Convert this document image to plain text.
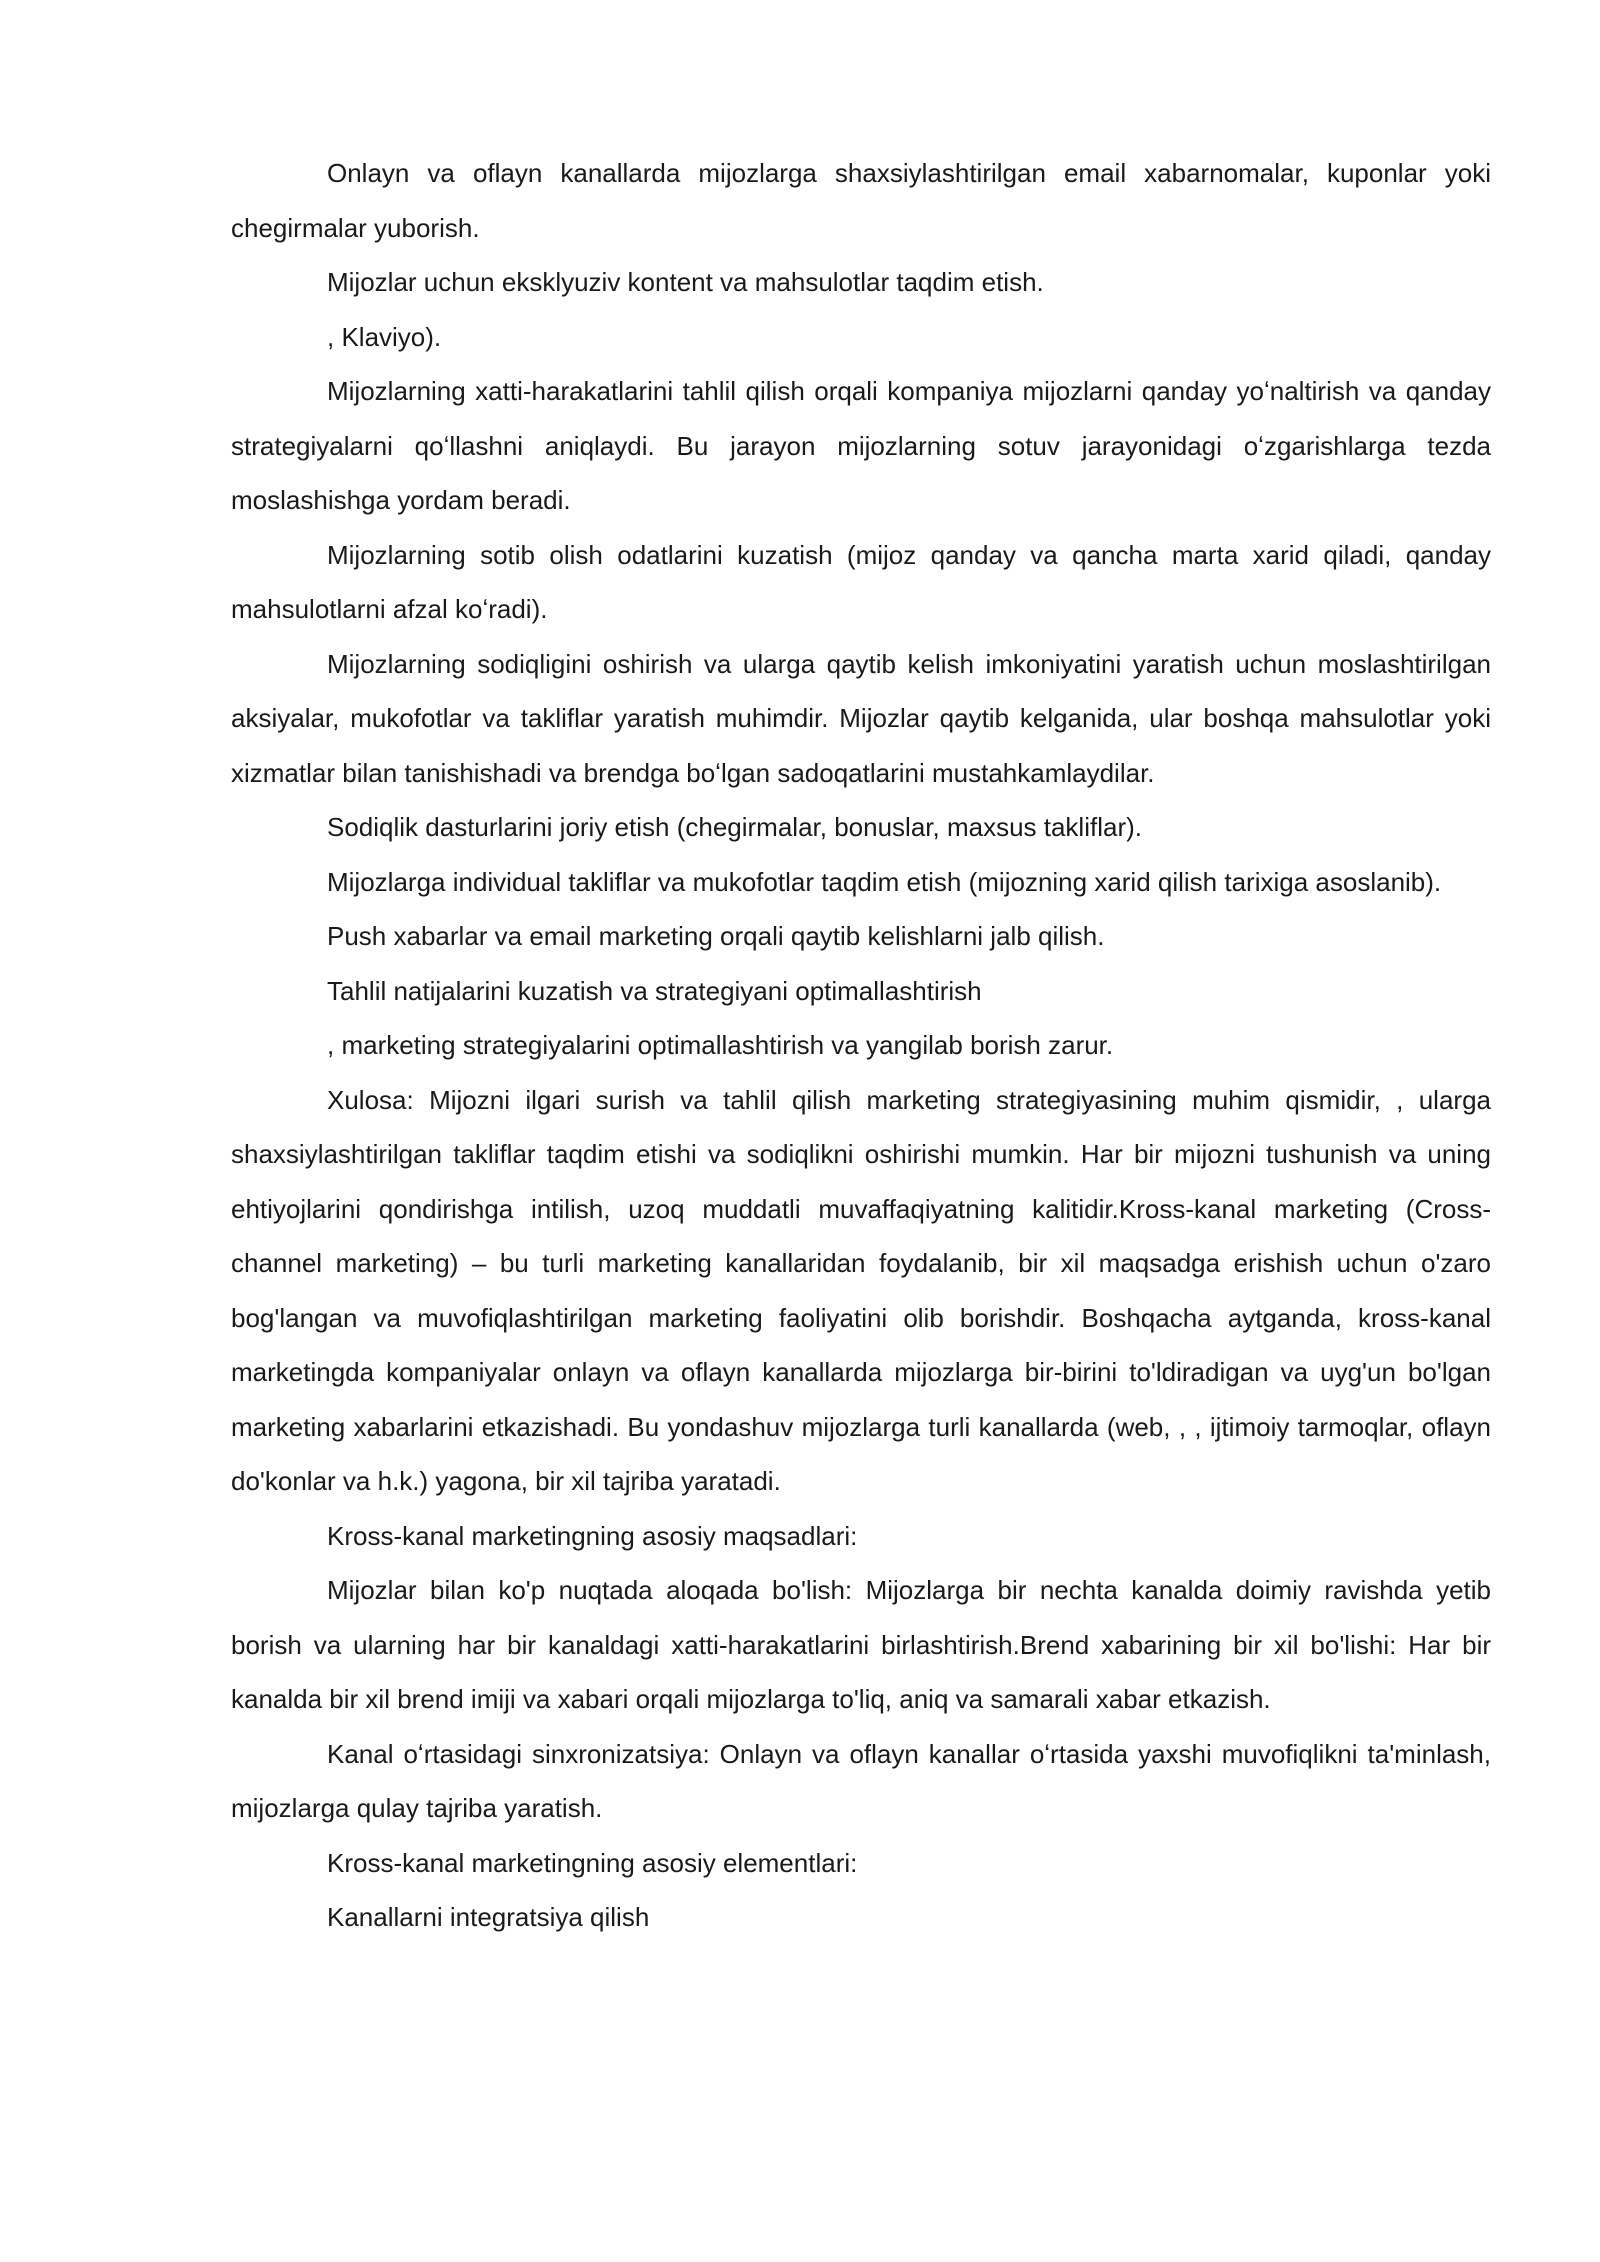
Onlayn va oflayn kanallarda mijozlarga shaxsiylashtirilgan email xabarnomalar, kuponlar yoki chegirmalar yuborish.

Mijozlar uchun eksklyuziv kontent va mahsulotlar taqdim etish.

, Klaviyo).

Mijozlarning xatti-harakatlarini tahlil qilish orqali kompaniya mijozlarni qanday yoʻnaltirish va qanday strategiyalarni qoʻllashni aniqlaydi. Bu jarayon mijozlarning sotuv jarayonidagi oʻzgarishlarga tezda moslashishga yordam beradi.

Mijozlarning sotib olish odatlarini kuzatish (mijoz qanday va qancha marta xarid qiladi, qanday mahsulotlarni afzal koʻradi).

Mijozlarning sodiqligini oshirish va ularga qaytib kelish imkoniyatini yaratish uchun moslashtirilgan aksiyalar, mukofotlar va takliflar yaratish muhimdir. Mijozlar qaytib kelganida, ular boshqa mahsulotlar yoki xizmatlar bilan tanishishadi va brendga boʻlgan sadoqatlarini mustahkamlaydilar.

Sodiqlik dasturlarini joriy etish (chegirmalar, bonuslar, maxsus takliflar).

Mijozlarga individual takliflar va mukofotlar taqdim etish (mijozning xarid qilish tarixiga asoslanib).

Push xabarlar va email marketing orqali qaytib kelishlarni jalb qilish.

Tahlil natijalarini kuzatish va strategiyani optimallashtirish

, marketing strategiyalarini optimallashtirish va yangilab borish zarur.

Xulosa: Mijozni ilgari surish va tahlil qilish marketing strategiyasining muhim qismidir, , ularga shaxsiylashtirilgan takliflar taqdim etishi va sodiqlikni oshirishi mumkin. Har bir mijozni tushunish va uning ehtiyojlarini qondirishga intilish, uzoq muddatli muvaffaqiyatning kalitidir.Kross-kanal marketing (Cross-channel marketing) – bu turli marketing kanallaridan foydalanib, bir xil maqsadga erishish uchun o'zaro bog'langan va muvofiqlashtirilgan marketing faoliyatini olib borishdir. Boshqacha aytganda, kross-kanal marketingda kompaniyalar onlayn va oflayn kanallarda mijozlarga bir-birini to'ldiradigan va uyg'un bo'lgan marketing xabarlarini etkazishadi. Bu yondashuv mijozlarga turli kanallarda (web, , , ijtimoiy tarmoqlar, oflayn do'konlar va h.k.) yagona, bir xil tajriba yaratadi.

Kross-kanal marketingning asosiy maqsadlari:

Mijozlar bilan ko'p nuqtada aloqada bo'lish: Mijozlarga bir nechta kanalda doimiy ravishda yetib borish va ularning har bir kanaldagi xatti-harakatlarini birlashtirish.Brend xabarining bir xil bo'lishi: Har bir kanalda bir xil brend imiji va xabari orqali mijozlarga to'liq, aniq va samarali xabar etkazish.

Kanal oʻrtasidagi sinxronizatsiya: Onlayn va oflayn kanallar oʻrtasida yaxshi muvofiqlikni ta'minlash, mijozlarga qulay tajriba yaratish.

Kross-kanal marketingning asosiy elementlari:

Kanallarni integratsiya qilish
